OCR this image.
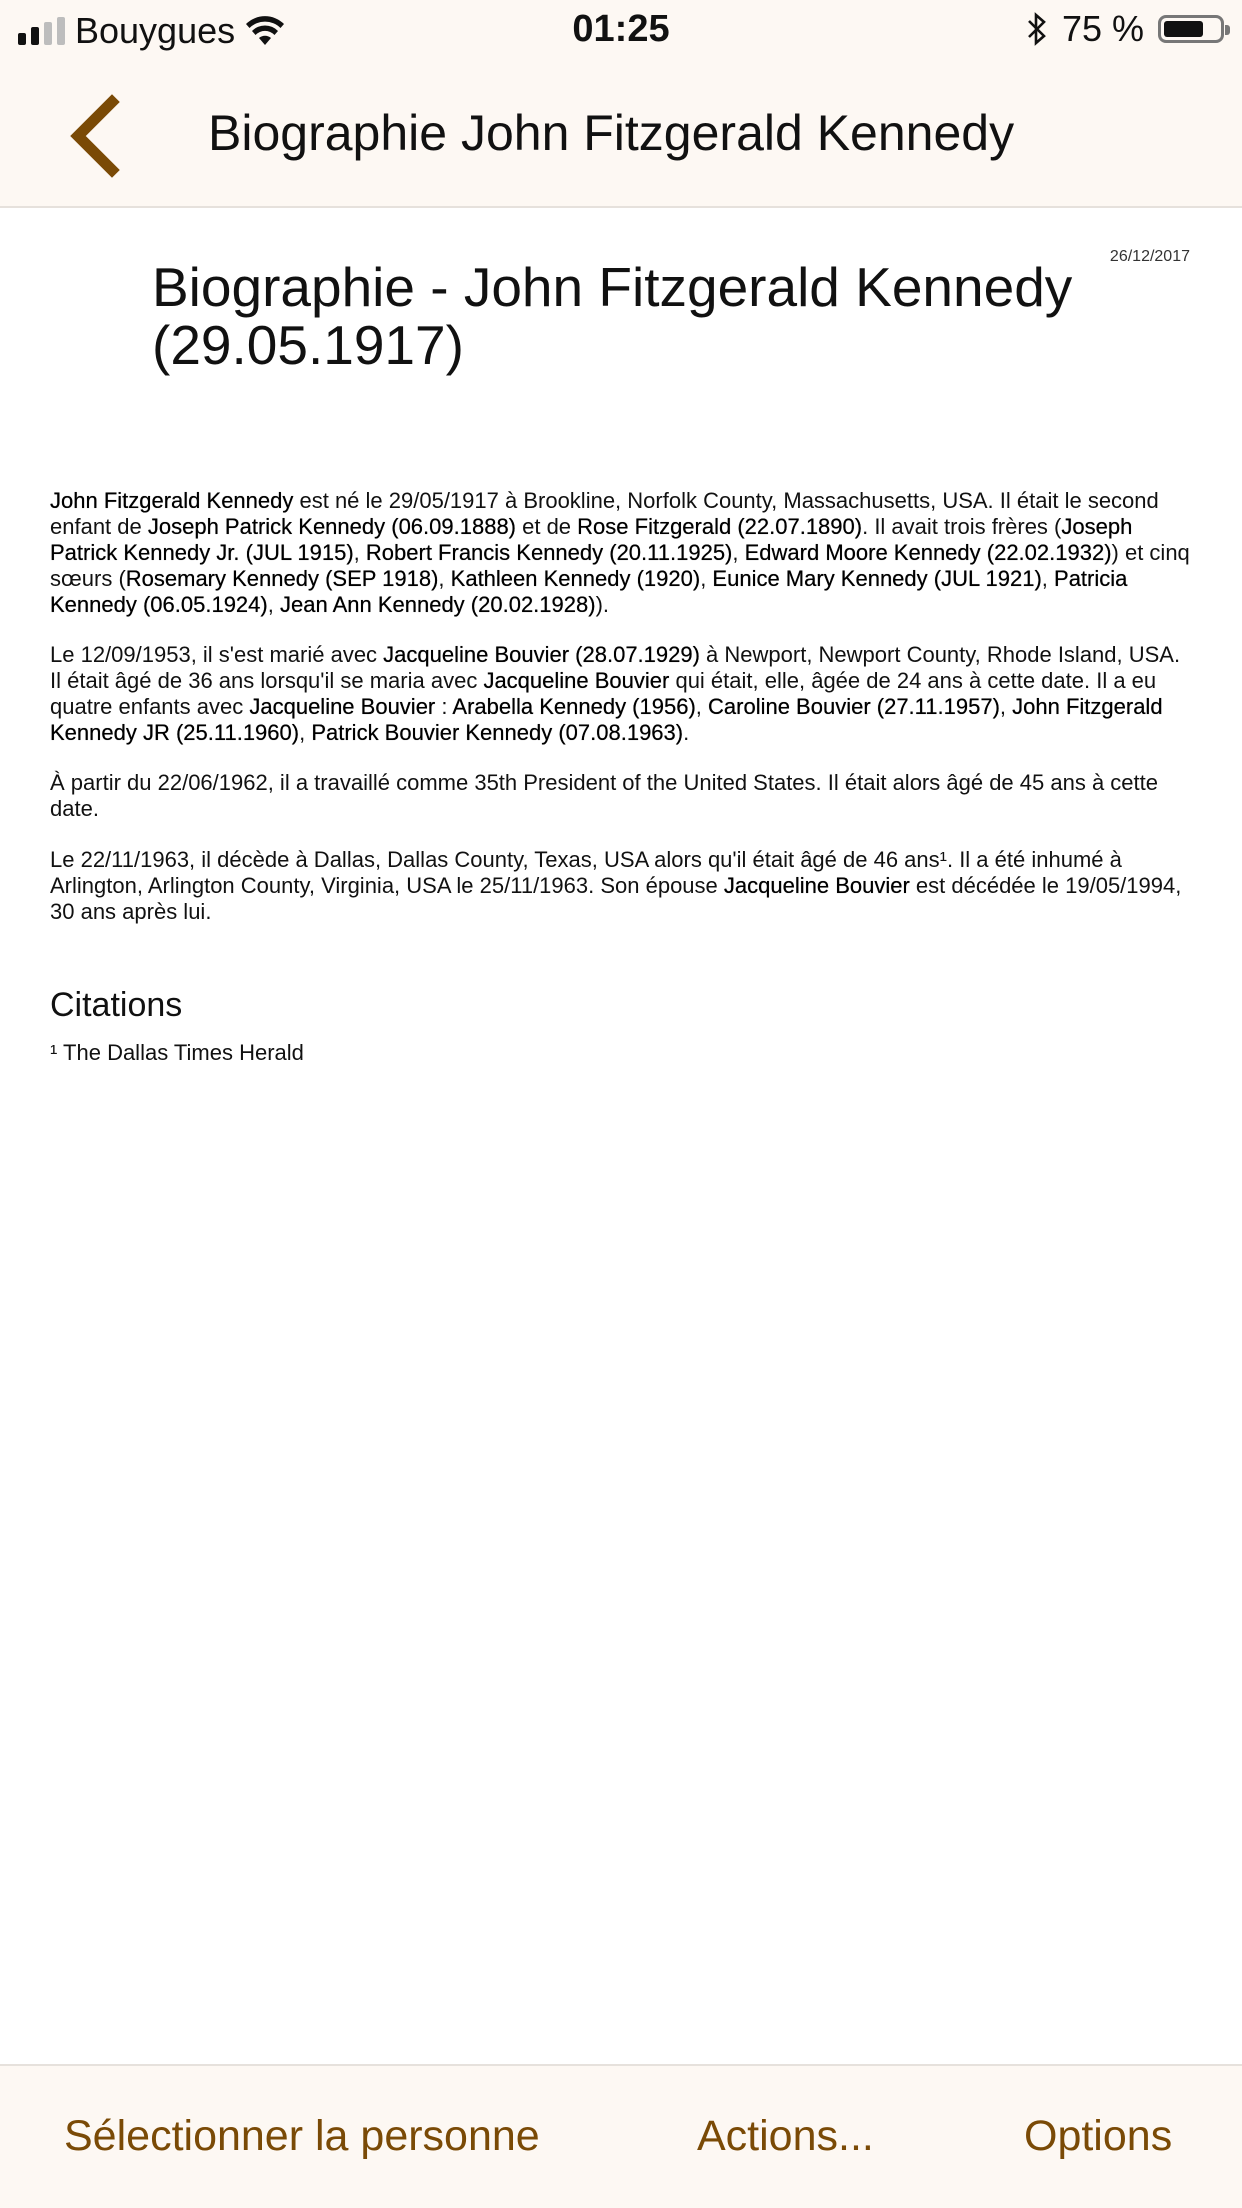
Bouygues	01:25	75 %
Biographie John Fitzgerald Kennedy
26/12/2017
Biographie - John Fitzgerald Kennedy (29.05.1917)

John Fitzgerald Kennedy est né le 29/05/1917 à Brookline, Norfolk County, Massachusetts, USA. Il était le second enfant de Joseph Patrick Kennedy (06.09.1888) et de Rose Fitzgerald (22.07.1890). Il avait trois frères (Joseph Patrick Kennedy Jr. (JUL 1915), Robert Francis Kennedy (20.11.1925), Edward Moore Kennedy (22.02.1932)) et cinq sœurs (Rosemary Kennedy (SEP 1918), Kathleen Kennedy (1920), Eunice Mary Kennedy (JUL 1921), Patricia Kennedy (06.05.1924), Jean Ann Kennedy (20.02.1928)).

Le 12/09/1953, il s'est marié avec Jacqueline Bouvier (28.07.1929) à Newport, Newport County, Rhode Island, USA. Il était âgé de 36 ans lorsqu'il se maria avec Jacqueline Bouvier qui était, elle, âgée de 24 ans à cette date. Il a eu quatre enfants avec Jacqueline Bouvier : Arabella Kennedy (1956), Caroline Bouvier (27.11.1957), John Fitzgerald Kennedy JR (25.11.1960), Patrick Bouvier Kennedy (07.08.1963).

À partir du 22/06/1962, il a travaillé comme 35th President of the United States. Il était alors âgé de 45 ans à cette date.

Le 22/11/1963, il décède à Dallas, Dallas County, Texas, USA alors qu'il était âgé de 46 ans¹. Il a été inhumé à Arlington, Arlington County, Virginia, USA le 25/11/1963. Son épouse Jacqueline Bouvier est décédée le 19/05/1994, 30 ans après lui.

Citations
¹ The Dallas Times Herald
Sélectionner la personne	Actions...	Options
